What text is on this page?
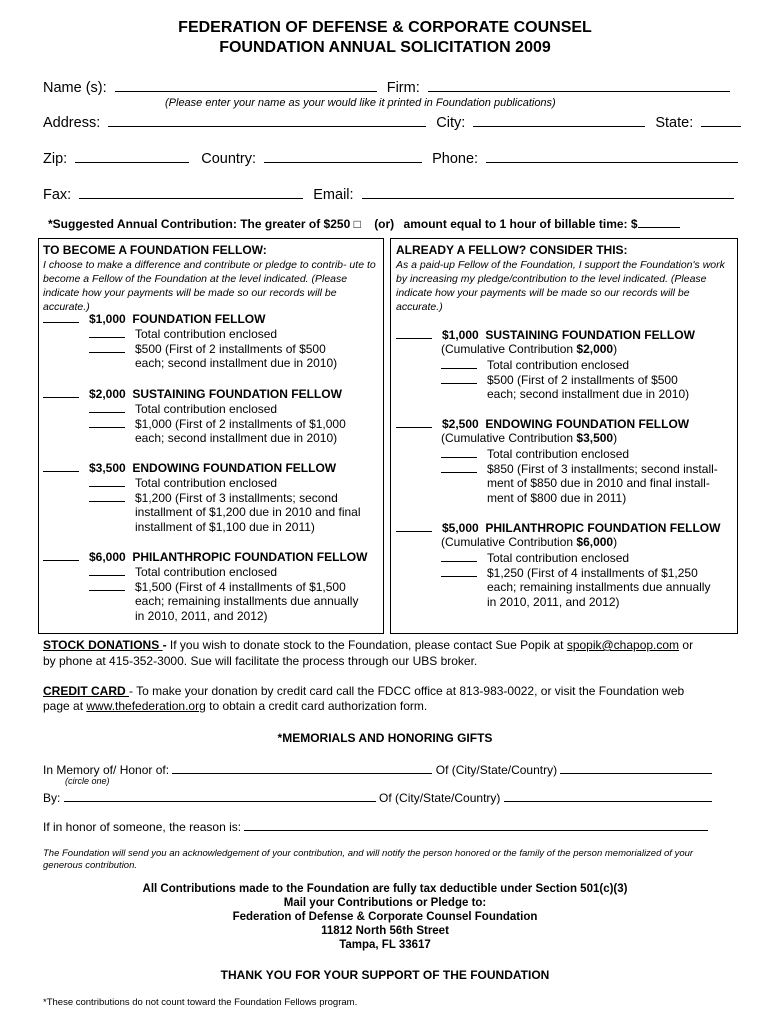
FEDERATION OF DEFENSE & CORPORATE COUNSEL
FOUNDATION ANNUAL SOLICITATION 2009
Name (s):	Firm:
(Please enter your name as your would like it printed in Foundation publications)
Address:	City:	State:
Zip:	Country:	Phone:
Fax:	Email:
*Suggested Annual Contribution: The greater of $250 □ (or) amount equal to 1 hour of billable time: $
TO BECOME A FOUNDATION FELLOW:
I choose to make a difference and contribute or pledge to contrib- ute to become a Fellow of the Foundation at the level indicated. (Please indicate how your payments will be made so our records will be accurate.)
$1,000 FOUNDATION FELLOW
Total contribution enclosed
$500 (First of 2 installments of $500
each; second installment due in 2010)
$2,000 SUSTAINING FOUNDATION FELLOW
Total contribution enclosed
$1,000 (First of 2 installments of $1,000
each; second installment due in 2010)
$3,500 ENDOWING FOUNDATION FELLOW
Total contribution enclosed
$1,200 (First of 3 installments; second
installment of $1,200 due in 2010 and final
installment of $1,100 due in 2011)
$6,000 PHILANTHROPIC FOUNDATION FELLOW
Total contribution enclosed
$1,500 (First of 4 installments of $1,500
each; remaining installments due annually
in 2010, 2011, and 2012)
ALREADY A FELLOW? CONSIDER THIS:
As a paid-up Fellow of the Foundation, I support the Foundation's work by increasing my pledge/contribution to the level indicated. (Please indicate how your payments will be made so our records will be accurate.)
$1,000 SUSTAINING FOUNDATION FELLOW
(Cumulative Contribution $2,000)
Total contribution enclosed
$500 (First of 2 installments of $500
each; second installment due in 2010)
$2,500 ENDOWING FOUNDATION FELLOW
(Cumulative Contribution $3,500)
Total contribution enclosed
$850 (First of 3 installments; second install-
ment of $850 due in 2010 and final install-
ment of $800 due in 2011)
$5,000 PHILANTHROPIC FOUNDATION FELLOW
(Cumulative Contribution $6,000)
Total contribution enclosed
$1,250 (First of 4 installments of $1,250
each; remaining installments due annually
in 2010, 2011, and 2012)
STOCK DONATIONS - If you wish to donate stock to the Foundation, please contact Sue Popik at spopik@chapop.com or
by phone at 415-352-3000. Sue will facilitate the process through our UBS broker.
CREDIT CARD - To make your donation by credit card call the FDCC office at 813-983-0022, or visit the Foundation web
page at www.thefederation.org to obtain a credit card authorization form.
*MEMORIALS AND HONORING GIFTS
In Memory of/ Honor of:	Of (City/State/Country)
(circle one)
By:	Of (City/State/Country)
If in honor of someone, the reason is:
The Foundation will send you an acknowledgement of your contribution, and will notify the person honored or the family of the person memorialized of your generous contribution.
All Contributions made to the Foundation are fully tax deductible under Section 501(c)(3)
Mail your Contributions or Pledge to:
Federation of Defense & Corporate Counsel Foundation
11812 North 56th Street
Tampa, FL 33617
THANK YOU FOR YOUR SUPPORT OF THE FOUNDATION
*These contributions do not count toward the Foundation Fellows program.
